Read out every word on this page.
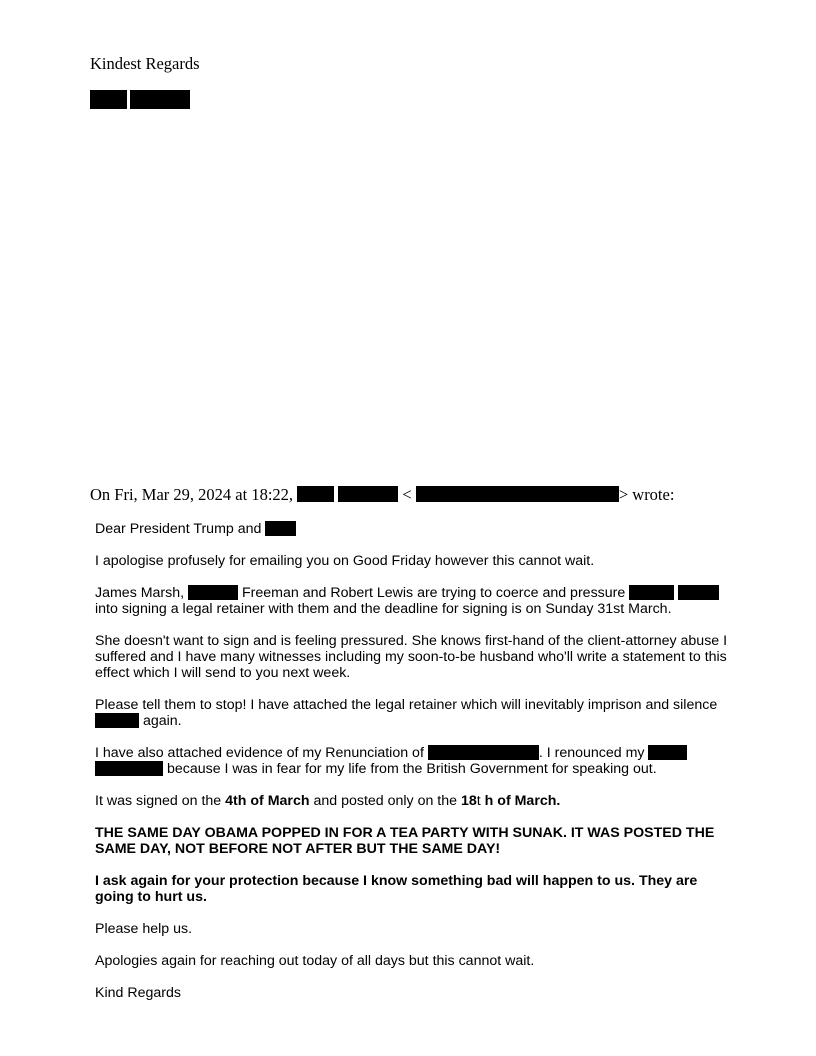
Kindest Regards
On Fri, Mar 29, 2024 at 18:22,	<	> wrote:

Dear President Trump and

I apologise profusely for emailing you on Good Friday however this cannot wait.

James Marsh,	Freeman and Robert Lewis are trying to coerce and pressure   into signing a legal retainer with them and the deadline for signing is on Sunday 31st March.

She doesn't want to sign and is feeling pressured. She knows first-hand of the client-attorney abuse I suffered and I have many witnesses including my soon-to-be husband who'll write a statement to this effect which I will send to you next week.

Please tell them to stop! I have attached the legal retainer which will inevitably imprison and silence  again.

I have also attached evidence of my Renunciation of	. I renounced my   because I was in fear for my life from the British Government for speaking out.

It was signed on the 4th of March and posted only on the 18t h of March.

THE SAME DAY OBAMA POPPED IN FOR A TEA PARTY WITH SUNAK. IT WAS POSTED THE SAME DAY, NOT BEFORE NOT AFTER BUT THE SAME DAY!

I ask again for your protection because I know something bad will happen to us. They are going to hurt us.

Please help us.

Apologies again for reaching out today of all days but this cannot wait.

Kind Regards
